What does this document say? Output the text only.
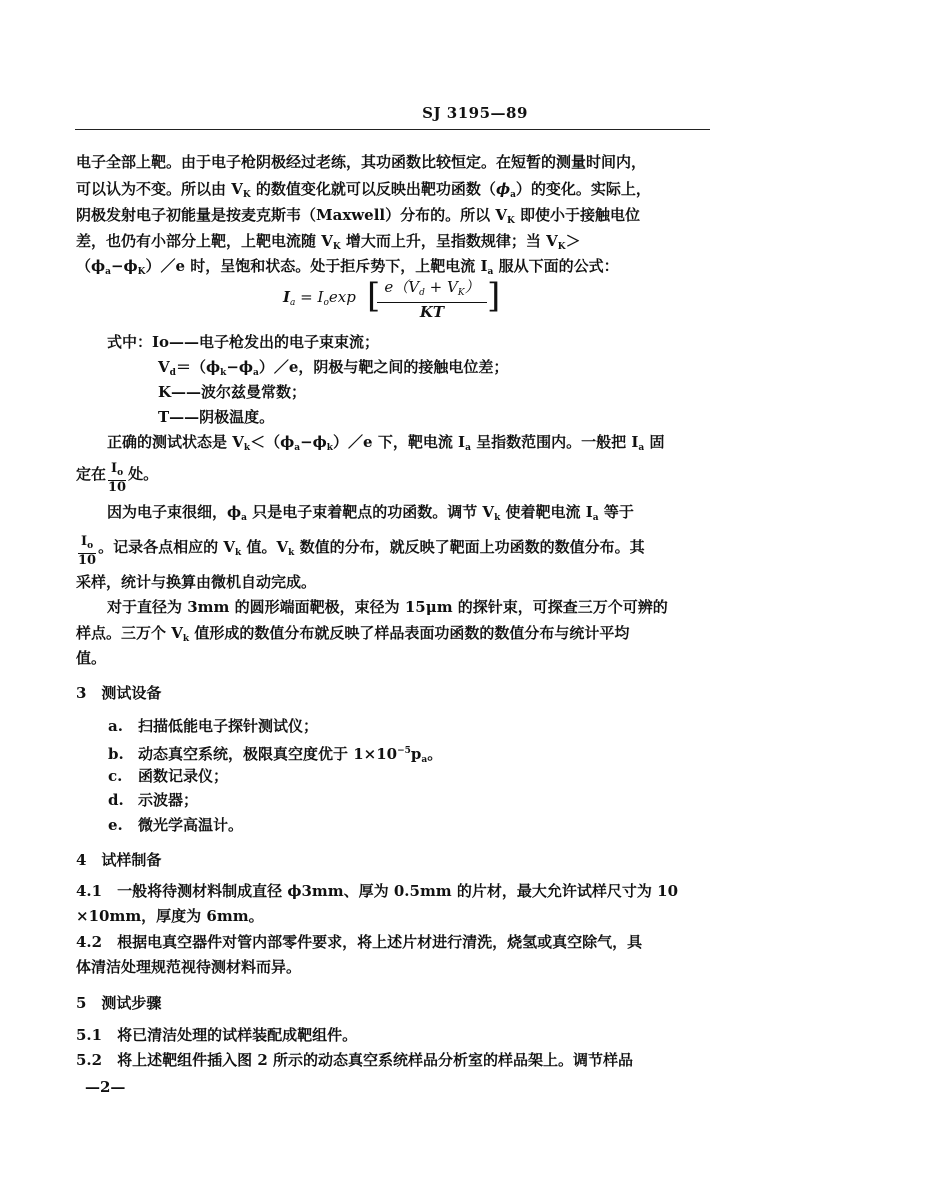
SJ 3195—89
电子全部上靶。由于电子枪阴极经过老练，其功函数比较恒定。在短暂的测量时间内，
可以认为不变。所以由 $V_K$ 的数值变化就可以反映出靶功函数$(\phi_a)$的变化。实际上，
阴极发射电子初能量是按麦克斯韦（Maxwell）分布的。所以 $V_K$ 即使小于接触电位
差，也仍有小部分上靶，上靶电流随 $V_K$ 增大而上升，呈指数规律；当 $V_K>$
$(\phi_a-\phi_K)/e$ 时，呈饱和状态。处于拒斥势下，上靶电流 $I_a$ 服从下面的公式：
$I_a = I_o\exp$ [
$\frac{e(V_d + V_K)}{KT}$ ]
式中：Io——电子枪发出的电子束束流；
$V_d=(\phi_k-\phi_a)/e$，阴极与靶之间的接触电位差；
K——波尔兹曼常数；
T——阴极温度。
正确的测试状态是 $V_k<(\phi_a-\phi_k)/e$ 下，靶电流 $I_a$ 呈指数范围内。一般把 $I_a$ 固
定在 $\frac{I_o}{10}$ 处。
因为电子束很细，$\phi_a$ 只是电子束着靶点的功函数。调节 $V_k$ 使着靶电流 $I_a$ 等于
$\frac{I_o}{10}$ 。记录各点相应的 $V_k$ 值。$V_k$ 数值的分布，就反映了靶面上功函数的数值分布。其
采样，统计与换算由微机自动完成。
对于直径为 3mm 的圆形端面靶极，束径为 15μm 的探针束，可探查三万个可辨的
样点。三万个 $V_k$ 值形成的数值分布就反映了样品表面功函数的数值分布与统计平均
值。
3　测试设备
a. 扫描低能电子探针测试仪；
b. 动态真空系统，极限真空度优于 $1\times 10^{-5}p_a$。
c. 函数记录仪；
d. 示波器；
e. 微光学高温计。
4　试样制备
4.1　一般将待测材料制成直径 ϕ3mm、厚为 0.5mm 的片材，最大允许试样尺寸为 10
×10mm，厚度为 6mm。
4.2　根据电真空器件对管内部零件要求，将上述片材进行清洗，烧氢或真空除气，具
体清洁处理规范视待测材料而异。
5　测试步骤
5.1　将已清洁处理的试样装配成靶组件。
5.2　将上述靶组件插入图 2 所示的动态真空系统样品分析室的样品架上。调节样品
—2—
